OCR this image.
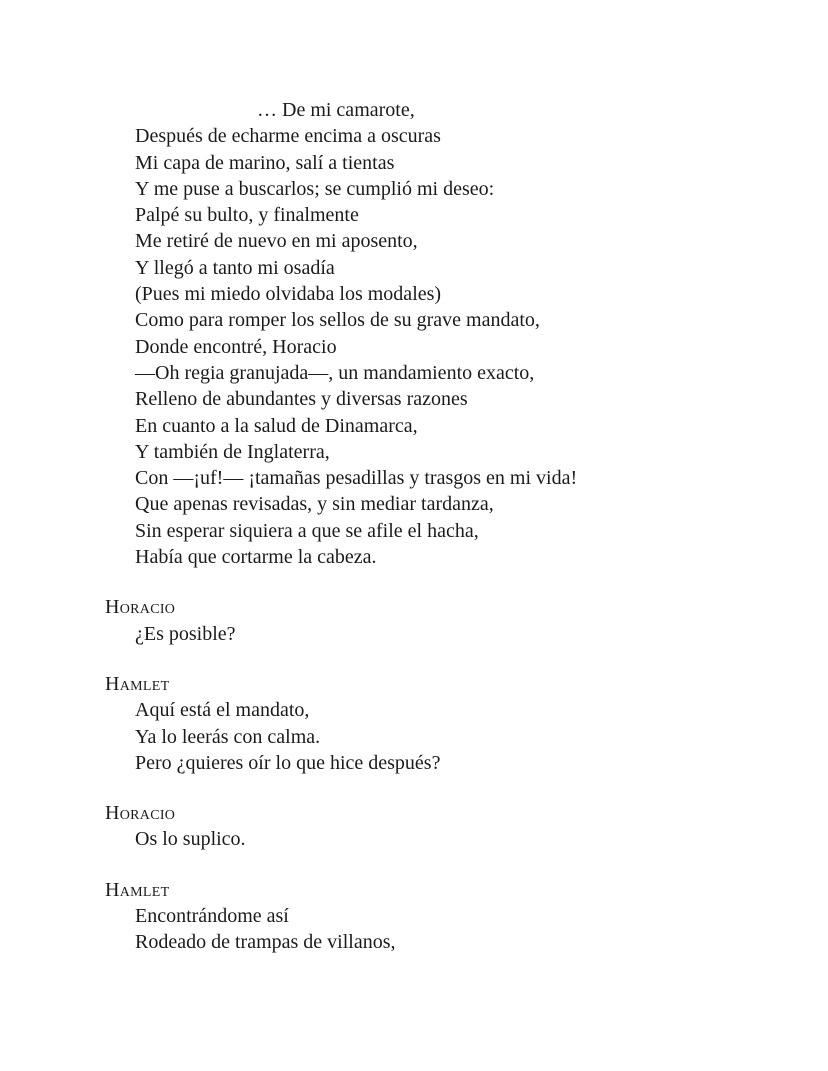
… De mi camarote,
Después de echarme encima a oscuras
Mi capa de marino, salí a tientas
Y me puse a buscarlos; se cumplió mi deseo:
Palpé su bulto, y finalmente
Me retiré de nuevo en mi aposento,
Y llegó a tanto mi osadía
(Pues mi miedo olvidaba los modales)
Como para romper los sellos de su grave mandato,
Donde encontré, Horacio
—Oh regia granujada—, un mandamiento exacto,
Relleno de abundantes y diversas razones
En cuanto a la salud de Dinamarca,
Y también de Inglaterra,
Con —¡uf!— ¡tamañas pesadillas y trasgos en mi vida!
Que apenas revisadas, y sin mediar tardanza,
Sin esperar siquiera a que se afile el hacha,
Había que cortarme la cabeza.
Horacio
¿Es posible?
Hamlet
Aquí está el mandato,
Ya lo leerás con calma.
Pero ¿quieres oír lo que hice después?
Horacio
Os lo suplico.
Hamlet
Encontrándome así
Rodeado de trampas de villanos,
